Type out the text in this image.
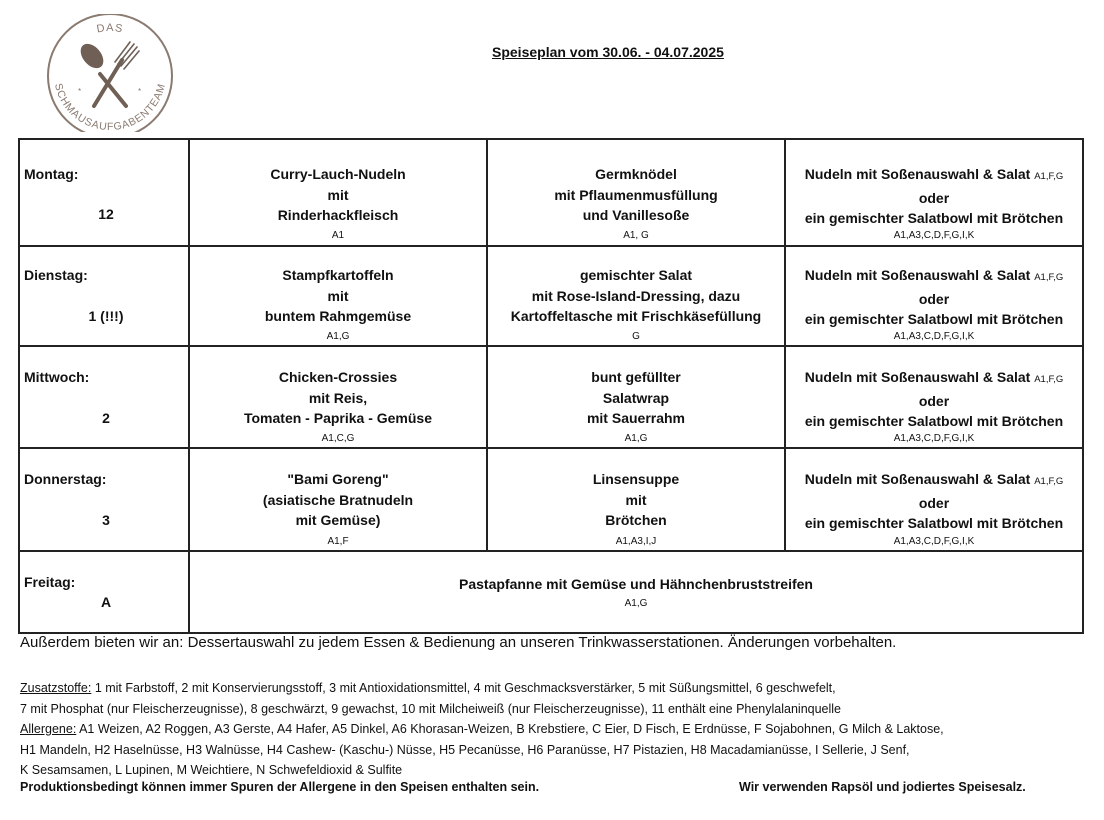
DAS
SCHMAUSAUFGABENTEAM
*	*
Speiseplan vom 30.06. - 04.07.2025
Montag:
12
Curry-Lauch-Nudeln
mit
Rinderhackfleisch
A1
Germknödel
mit Pflaumenmusfüllung
und Vanillesoße
A1, G
Nudeln mit Soßenauswahl & Salat A1,F,G
oder
ein gemischter Salatbowl mit Brötchen
A1,A3,C,D,F,G,I,K
Dienstag:
1 (!!!)
Stampfkartoffeln
mit
buntem Rahmgemüse
A1,G
gemischter Salat
mit Rose-Island-Dressing, dazu
Kartoffeltasche mit Frischkäsefüllung
G
Nudeln mit Soßenauswahl & Salat A1,F,G
oder
ein gemischter Salatbowl mit Brötchen
A1,A3,C,D,F,G,I,K
Mittwoch:
2
Chicken-Crossies
mit Reis,
Tomaten - Paprika - Gemüse
A1,C,G
bunt gefüllter
Salatwrap
mit Sauerrahm
A1,G
Nudeln mit Soßenauswahl & Salat A1,F,G
oder
ein gemischter Salatbowl mit Brötchen
A1,A3,C,D,F,G,I,K
Donnerstag:
3
"Bami Goreng"
(asiatische Bratnudeln
mit Gemüse)
A1,F
Linsensuppe
mit
Brötchen
A1,A3,I,J
Nudeln mit Soßenauswahl & Salat A1,F,G
oder
ein gemischter Salatbowl mit Brötchen
A1,A3,C,D,F,G,I,K
Freitag:
A
Pastapfanne mit Gemüse und Hähnchenbruststreifen
A1,G
Außerdem bieten wir an: Dessertauswahl zu jedem Essen & Bedienung an unseren Trinkwasserstationen. Änderungen vorbehalten.
Zusatzstoffe: 1 mit Farbstoff, 2 mit Konservierungsstoff, 3 mit Antioxidationsmittel, 4 mit Geschmacksverstärker, 5 mit Süßungsmittel, 6 geschwefelt,
7 mit Phosphat (nur Fleischerzeugnisse), 8 geschwärzt, 9 gewachst, 10 mit Milcheiweiß (nur Fleischerzeugnisse), 11 enthält eine Phenylalaninquelle
Allergene: A1 Weizen, A2 Roggen, A3 Gerste, A4 Hafer, A5 Dinkel, A6 Khorasan-Weizen, B Krebstiere, C Eier, D Fisch, E Erdnüsse, F Sojabohnen, G Milch & Laktose,
H1 Mandeln, H2 Haselnüsse, H3 Walnüsse, H4 Cashew- (Kaschu-) Nüsse, H5 Pecanüsse, H6 Paranüsse, H7 Pistazien, H8 Macadamianüsse, I Sellerie, J Senf,
K Sesamsamen, L Lupinen, M Weichtiere, N Schwefeldioxid & Sulfite
Produktionsbedingt können immer Spuren der Allergene in den Speisen enthalten sein.	Wir verwenden Rapsöl und jodiertes Speisesalz.
